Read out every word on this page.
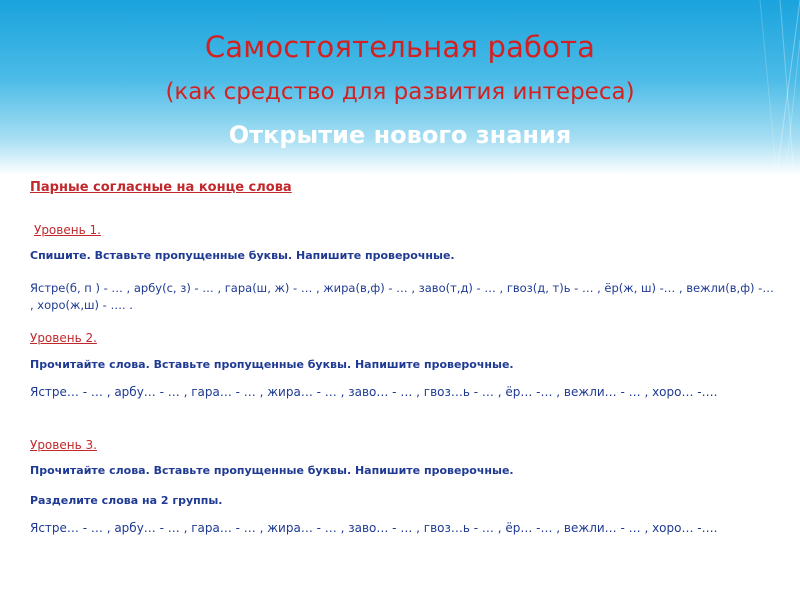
Самостоятельная работа
(как средство для развития интереса)
Открытие нового знания
Парные согласные на конце слова
Уровень 1.
Спишите. Вставьте пропущенные буквы. Напишите проверочные.
Ястре(б, п ) - … , арбу(с, з) - … , гара(ш, ж) - … , жира(в,ф) - … , заво(т,д) - … , гвоз(д, т)ь - … , ёр(ж, ш) -… , вежли(в,ф) -… , хоро(ж,ш) - …. .
Уровень 2.
Прочитайте слова. Вставьте пропущенные буквы. Напишите проверочные.
Ястре… - … , арбу… - … , гара… - … , жира… - … , заво… - … , гвоз…ь - … , ёр… -… , вежли… - … , хоро… -….
Уровень 3.
Прочитайте слова. Вставьте пропущенные буквы. Напишите проверочные.
Разделите слова на 2 группы.
Ястре… - … , арбу… - … , гара… - … , жира… - … , заво… - … , гвоз…ь - … , ёр… -… , вежли… - … , хоро… -….
